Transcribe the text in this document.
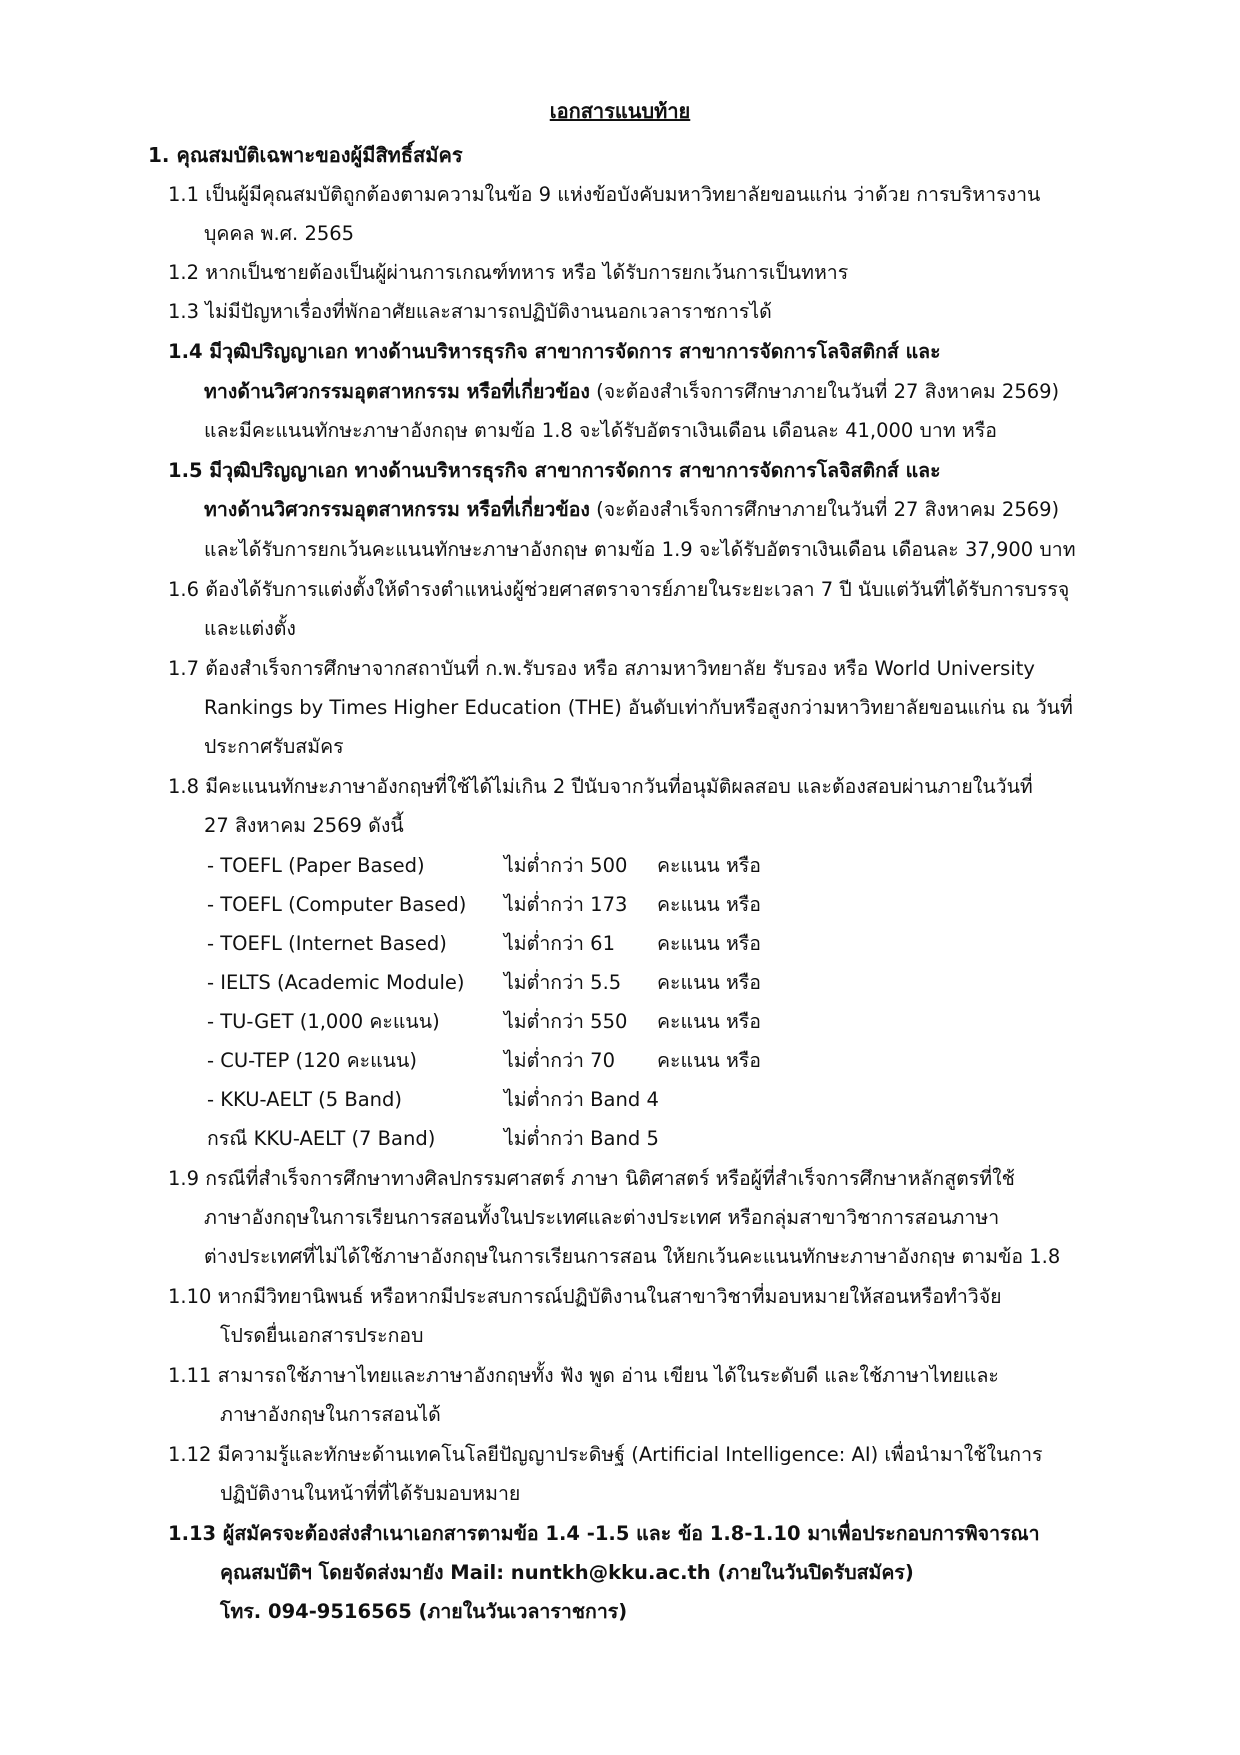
เอกสารแนบท้าย
1. คุณสมบัติเฉพาะของผู้มีสิทธิ์สมัคร
1.1 เป็นผู้มีคุณสมบัติถูกต้องตามความในข้อ 9 แห่งข้อบังคับมหาวิทยาลัยขอนแก่น ว่าด้วย การบริหารงาน
บุคคล พ.ศ. 2565
1.2 หากเป็นชายต้องเป็นผู้ผ่านการเกณฑ์ทหาร หรือ ได้รับการยกเว้นการเป็นทหาร
1.3 ไม่มีปัญหาเรื่องที่พักอาศัยและสามารถปฏิบัติงานนอกเวลาราชการได้
1.4 มีวุฒิปริญญาเอก ทางด้านบริหารธุรกิจ สาขาการจัดการ สาขาการจัดการโลจิสติกส์ และ
ทางด้านวิศวกรรมอุตสาหกรรม หรือที่เกี่ยวข้อง (จะต้องสำเร็จการศึกษาภายในวันที่ 27 สิงหาคม 2569)
และมีคะแนนทักษะภาษาอังกฤษ ตามข้อ 1.8 จะได้รับอัตราเงินเดือน เดือนละ 41,000 บาท หรือ
1.5 มีวุฒิปริญญาเอก ทางด้านบริหารธุรกิจ สาขาการจัดการ สาขาการจัดการโลจิสติกส์ และ
ทางด้านวิศวกรรมอุตสาหกรรม หรือที่เกี่ยวข้อง (จะต้องสำเร็จการศึกษาภายในวันที่ 27 สิงหาคม 2569)
และได้รับการยกเว้นคะแนนทักษะภาษาอังกฤษ ตามข้อ 1.9 จะได้รับอัตราเงินเดือน เดือนละ 37,900 บาท
1.6 ต้องได้รับการแต่งตั้งให้ดำรงตำแหน่งผู้ช่วยศาสตราจารย์ภายในระยะเวลา 7 ปี นับแต่วันที่ได้รับการบรรจุ
และแต่งตั้ง
1.7 ต้องสำเร็จการศึกษาจากสถาบันที่ ก.พ.รับรอง หรือ สภามหาวิทยาลัย รับรอง หรือ World University
Rankings by Times Higher Education (THE) อันดับเท่ากับหรือสูงกว่ามหาวิทยาลัยขอนแก่น ณ วันที่
ประกาศรับสมัคร
1.8 มีคะแนนทักษะภาษาอังกฤษที่ใช้ได้ไม่เกิน 2 ปีนับจากวันที่อนุมัติผลสอบ และต้องสอบผ่านภายในวันที่
27 สิงหาคม 2569 ดังนี้
- TOEFL (Paper Based)	ไม่ต่ำกว่า 500 คะแนน หรือ
- TOEFL (Computer Based) ไม่ต่ำกว่า 173 คะแนน หรือ
- TOEFL (Internet Based)	ไม่ต่ำกว่า 61 คะแนน หรือ
- IELTS (Academic Module) ไม่ต่ำกว่า 5.5 คะแนน หรือ
- TU-GET (1,000 คะแนน)	ไม่ต่ำกว่า 550 คะแนน หรือ
- CU-TEP (120 คะแนน)	ไม่ต่ำกว่า 70 คะแนน หรือ
- KKU-AELT (5 Band)	ไม่ต่ำกว่า Band 4
กรณี KKU-AELT (7 Band)	ไม่ต่ำกว่า Band 5
1.9 กรณีที่สำเร็จการศึกษาทางศิลปกรรมศาสตร์ ภาษา นิติศาสตร์ หรือผู้ที่สำเร็จการศึกษาหลักสูตรที่ใช้
ภาษาอังกฤษในการเรียนการสอนทั้งในประเทศและต่างประเทศ หรือกลุ่มสาขาวิชาการสอนภาษา
ต่างประเทศที่ไม่ได้ใช้ภาษาอังกฤษในการเรียนการสอน ให้ยกเว้นคะแนนทักษะภาษาอังกฤษ ตามข้อ 1.8
1.10 หากมีวิทยานิพนธ์ หรือหากมีประสบการณ์ปฏิบัติงานในสาขาวิชาที่มอบหมายให้สอนหรือทำวิจัย
โปรดยื่นเอกสารประกอบ
1.11 สามารถใช้ภาษาไทยและภาษาอังกฤษทั้ง ฟัง พูด อ่าน เขียน ได้ในระดับดี และใช้ภาษาไทยและ
ภาษาอังกฤษในการสอนได้
1.12 มีความรู้และทักษะด้านเทคโนโลยีปัญญาประดิษฐ์ (Artificial Intelligence: AI) เพื่อนำมาใช้ในการ
ปฏิบัติงานในหน้าที่ที่ได้รับมอบหมาย
1.13 ผู้สมัครจะต้องส่งสำเนาเอกสารตามข้อ 1.4 -1.5 และ ข้อ 1.8-1.10 มาเพื่อประกอบการพิจารณา
คุณสมบัติฯ โดยจัดส่งมายัง Mail: nuntkh@kku.ac.th (ภายในวันปิดรับสมัคร)
โทร. 094-9516565 (ภายในวันเวลาราชการ)
